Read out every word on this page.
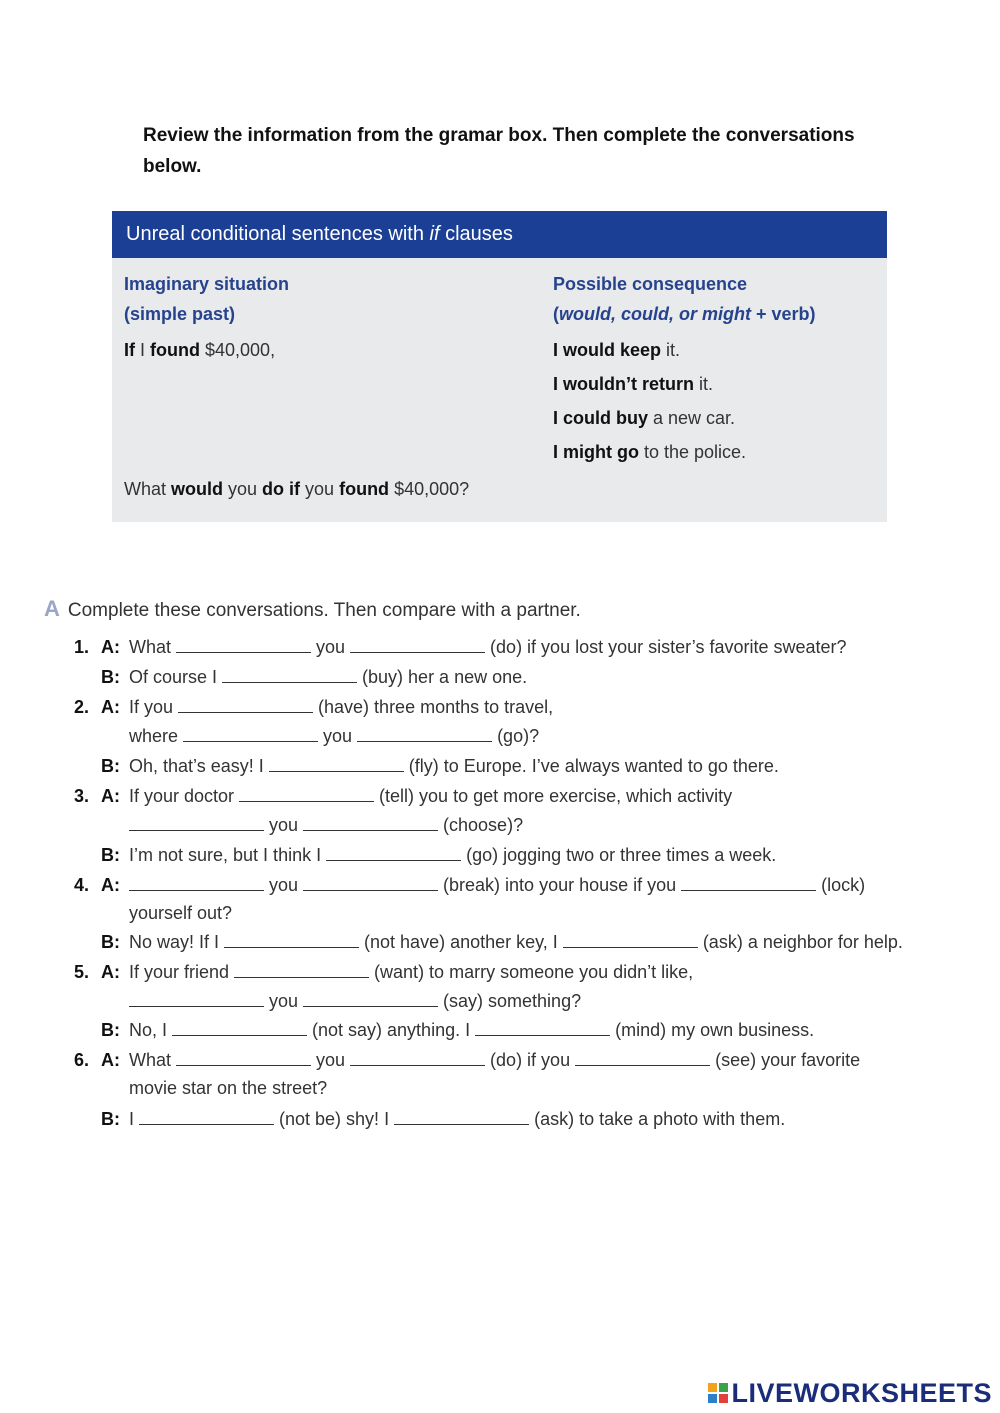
Review the information from the gramar box. Then complete the conversations below.
Unreal conditional sentences with if clauses
Imaginary situation
(simple past)
If I found $40,000,
Possible consequence
(would, could, or might + verb)
I would keep it.
I wouldn’t return it.
I could buy a new car.
I might go to the police.
What would you do if you found $40,000?
A Complete these conversations. Then compare with a partner.
1. A: What	you	(do) if you lost your sister’s favorite sweater?
B: Of course I	(buy) her a new one.
2. A: If you	(have) three months to travel,
where	you	(go)?
B: Oh, that’s easy! I	(fly) to Europe. I’ve always wanted to go there.
3. A: If your doctor	(tell) you to get more exercise, which activity
you	(choose)?
B: I’m not sure, but I think I	(go) jogging two or three times a week.
4. A:	you	(break) into your house if you	(lock)
yourself out?
B: No way! If I	(not have) another key, I	(ask) a neighbor for help.
5. A: If your friend	(want) to marry someone you didn’t like,
you	(say) something?
B: No, I	(not say) anything. I	(mind) my own business.
6. A: What	you	(do) if you	(see) your favorite
movie star on the street?
B: I	(not be) shy! I	(ask) to take a photo with them.
LIVEWORKSHEETS
